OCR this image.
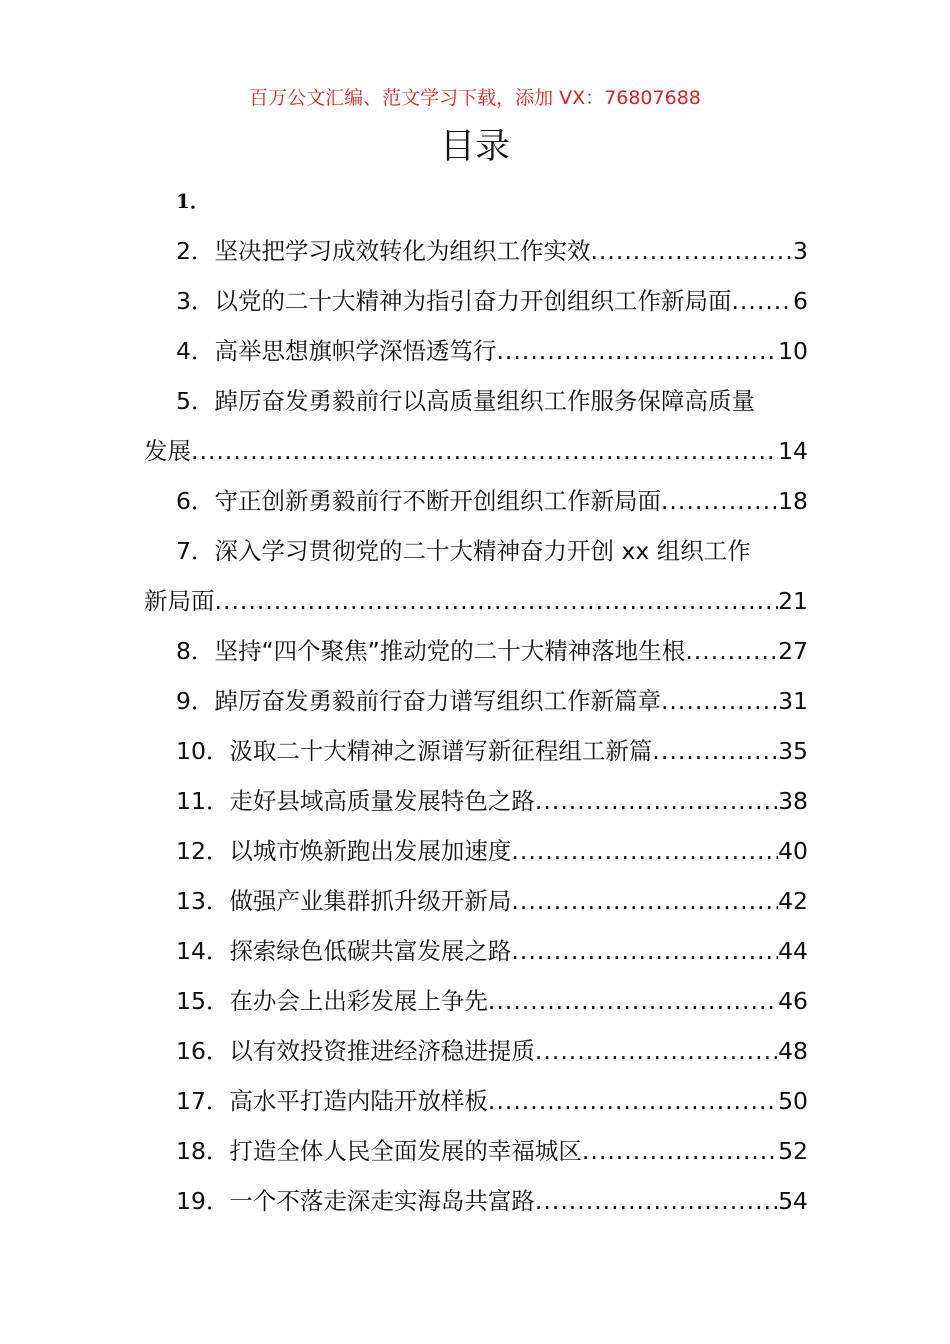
百万公文汇编、范文学习下载，添加 VX：76807688
目录
1．
2．坚决把学习成效转化为组织工作实效 .....	3
3．以党的二十大精神为指引奋力开创组织工作新局面 .....	6
4．高举思想旗帜学深悟透笃行 .....	10
5．踔厉奋发勇毅前行以高质量组织工作服务保障高质量
发展 .....	14
6．守正创新勇毅前行不断开创组织工作新局面 .....	18
7．深入学习贯彻党的二十大精神奋力开创 xx 组织工作
新局面 .....	21
8．坚持“四个聚焦”推动党的二十大精神落地生根 .....	27
9．踔厉奋发勇毅前行奋力谱写组织工作新篇章 .....	31
10．汲取二十大精神之源谱写新征程组工新篇 .....	35
11．走好县域高质量发展特色之路 .....	38
12．以城市焕新跑出发展加速度 .....	40
13．做强产业集群抓升级开新局 .....	42
14．探索绿色低碳共富发展之路 .....	44
15．在办会上出彩发展上争先 .....	46
16．以有效投资推进经济稳进提质 .....	48
17．高水平打造内陆开放样板 .....	50
18．打造全体人民全面发展的幸福城区 .....	52
19．一个不落走深走实海岛共富路 .....	54
